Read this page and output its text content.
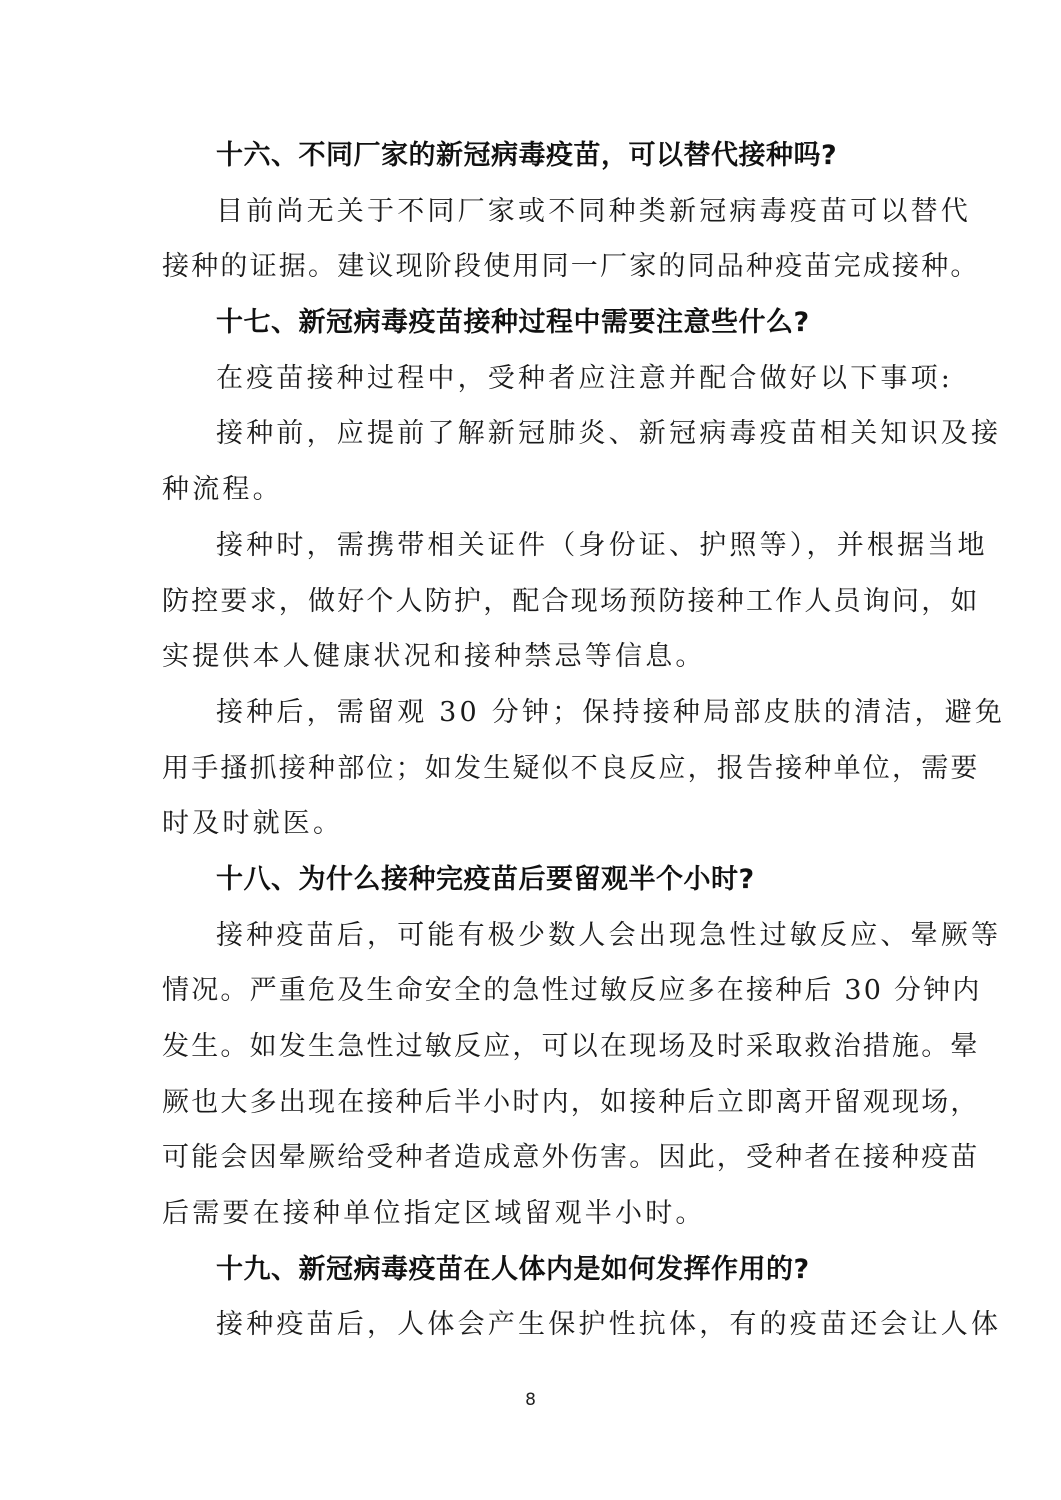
十六、不同厂家的新冠病毒疫苗，可以替代接种吗?
目前尚无关于不同厂家或不同种类新冠病毒疫苗可以替代
接种的证据。建议现阶段使用同一厂家的同品种疫苗完成接种。
十七、新冠病毒疫苗接种过程中需要注意些什么?
在疫苗接种过程中，受种者应注意并配合做好以下事项:
接种前，应提前了解新冠肺炎、新冠病毒疫苗相关知识及接
种流程。
接种时，需携带相关证件（身份证、护照等），并根据当地
防控要求，做好个人防护，配合现场预防接种工作人员询问，如
实提供本人健康状况和接种禁忌等信息。
接种后，需留观 30 分钟；保持接种局部皮肤的清洁，避免
用手搔抓接种部位；如发生疑似不良反应，报告接种单位，需要
时及时就医。
十八、为什么接种完疫苗后要留观半个小时?
接种疫苗后，可能有极少数人会出现急性过敏反应、晕厥等
情况。严重危及生命安全的急性过敏反应多在接种后 30 分钟内
发生。如发生急性过敏反应，可以在现场及时采取救治措施。晕
厥也大多出现在接种后半小时内，如接种后立即离开留观现场，
可能会因晕厥给受种者造成意外伤害。因此，受种者在接种疫苗
后需要在接种单位指定区域留观半小时。
十九、新冠病毒疫苗在人体内是如何发挥作用的?
接种疫苗后，人体会产生保护性抗体，有的疫苗还会让人体
8
